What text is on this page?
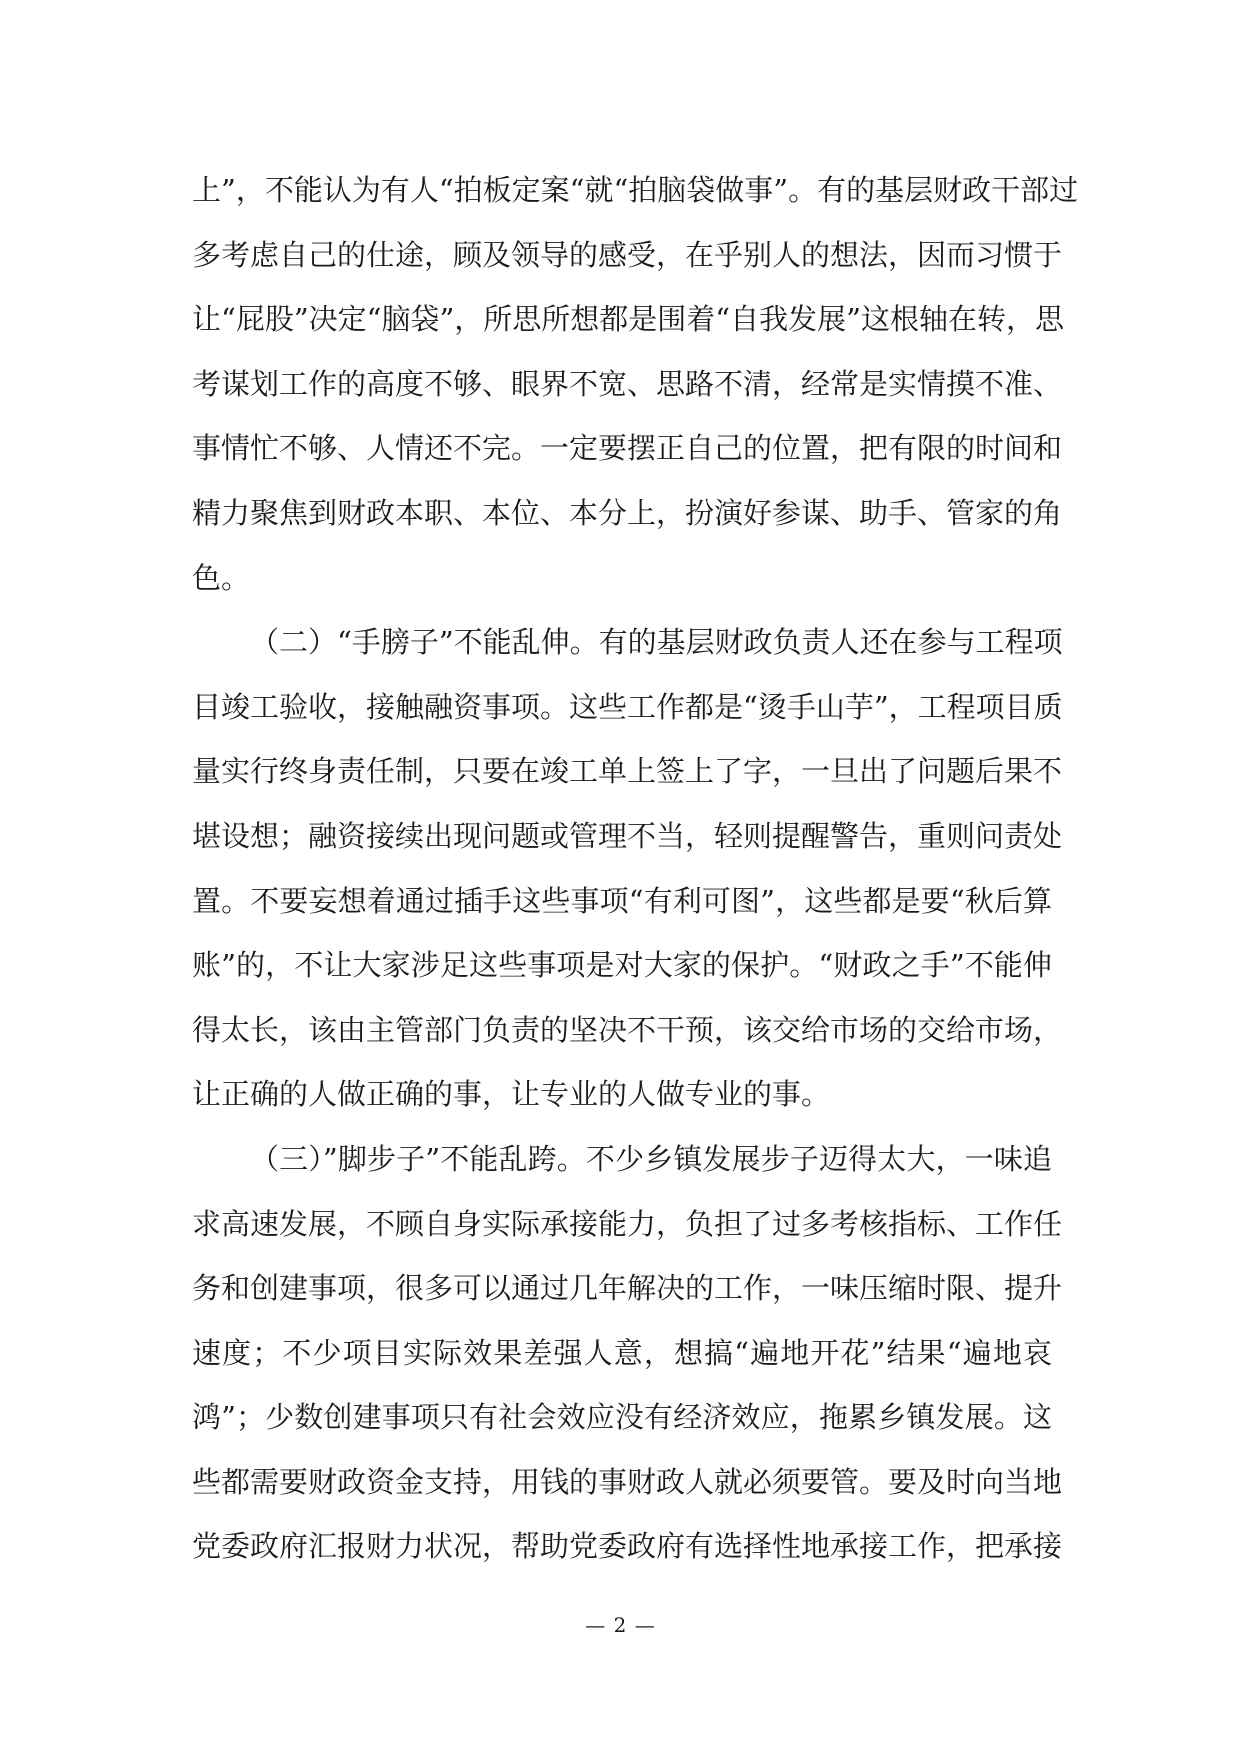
上”，不能认为有人“拍板定案“就“拍脑袋做事”。有的基层财政干部过
多考虑自己的仕途，顾及领导的感受，在乎别人的想法，因而习惯于
让“屁股”决定“脑袋”，所思所想都是围着“自我发展”这根轴在转，思
考谋划工作的高度不够、眼界不宽、思路不清，经常是实情摸不准、
事情忙不够、人情还不完。一定要摆正自己的位置，把有限的时间和
精力聚焦到财政本职、本位、本分上，扮演好参谋、助手、管家的角
色。
（二）“手膀子”不能乱伸。有的基层财政负责人还在参与工程项
目竣工验收，接触融资事项。这些工作都是“烫手山芋”，工程项目质
量实行终身责任制，只要在竣工单上签上了字，一旦出了问题后果不
堪设想；融资接续出现问题或管理不当，轻则提醒警告，重则问责处
置。不要妄想着通过插手这些事项“有利可图”，这些都是要“秋后算
账”的，不让大家涉足这些事项是对大家的保护。“财政之手”不能伸
得太长，该由主管部门负责的坚决不干预，该交给市场的交给市场，
让正确的人做正确的事，让专业的人做专业的事。
（三）”脚步子”不能乱跨。不少乡镇发展步子迈得太大，一味追
求高速发展，不顾自身实际承接能力，负担了过多考核指标、工作任
务和创建事项，很多可以通过几年解决的工作，一味压缩时限、提升
速度；不少项目实际效果差强人意，想搞“遍地开花”结果“遍地哀
鸿”；少数创建事项只有社会效应没有经济效应，拖累乡镇发展。这
些都需要财政资金支持，用钱的事财政人就必须要管。要及时向当地
党委政府汇报财力状况，帮助党委政府有选择性地承接工作，把承接
— 2 —
